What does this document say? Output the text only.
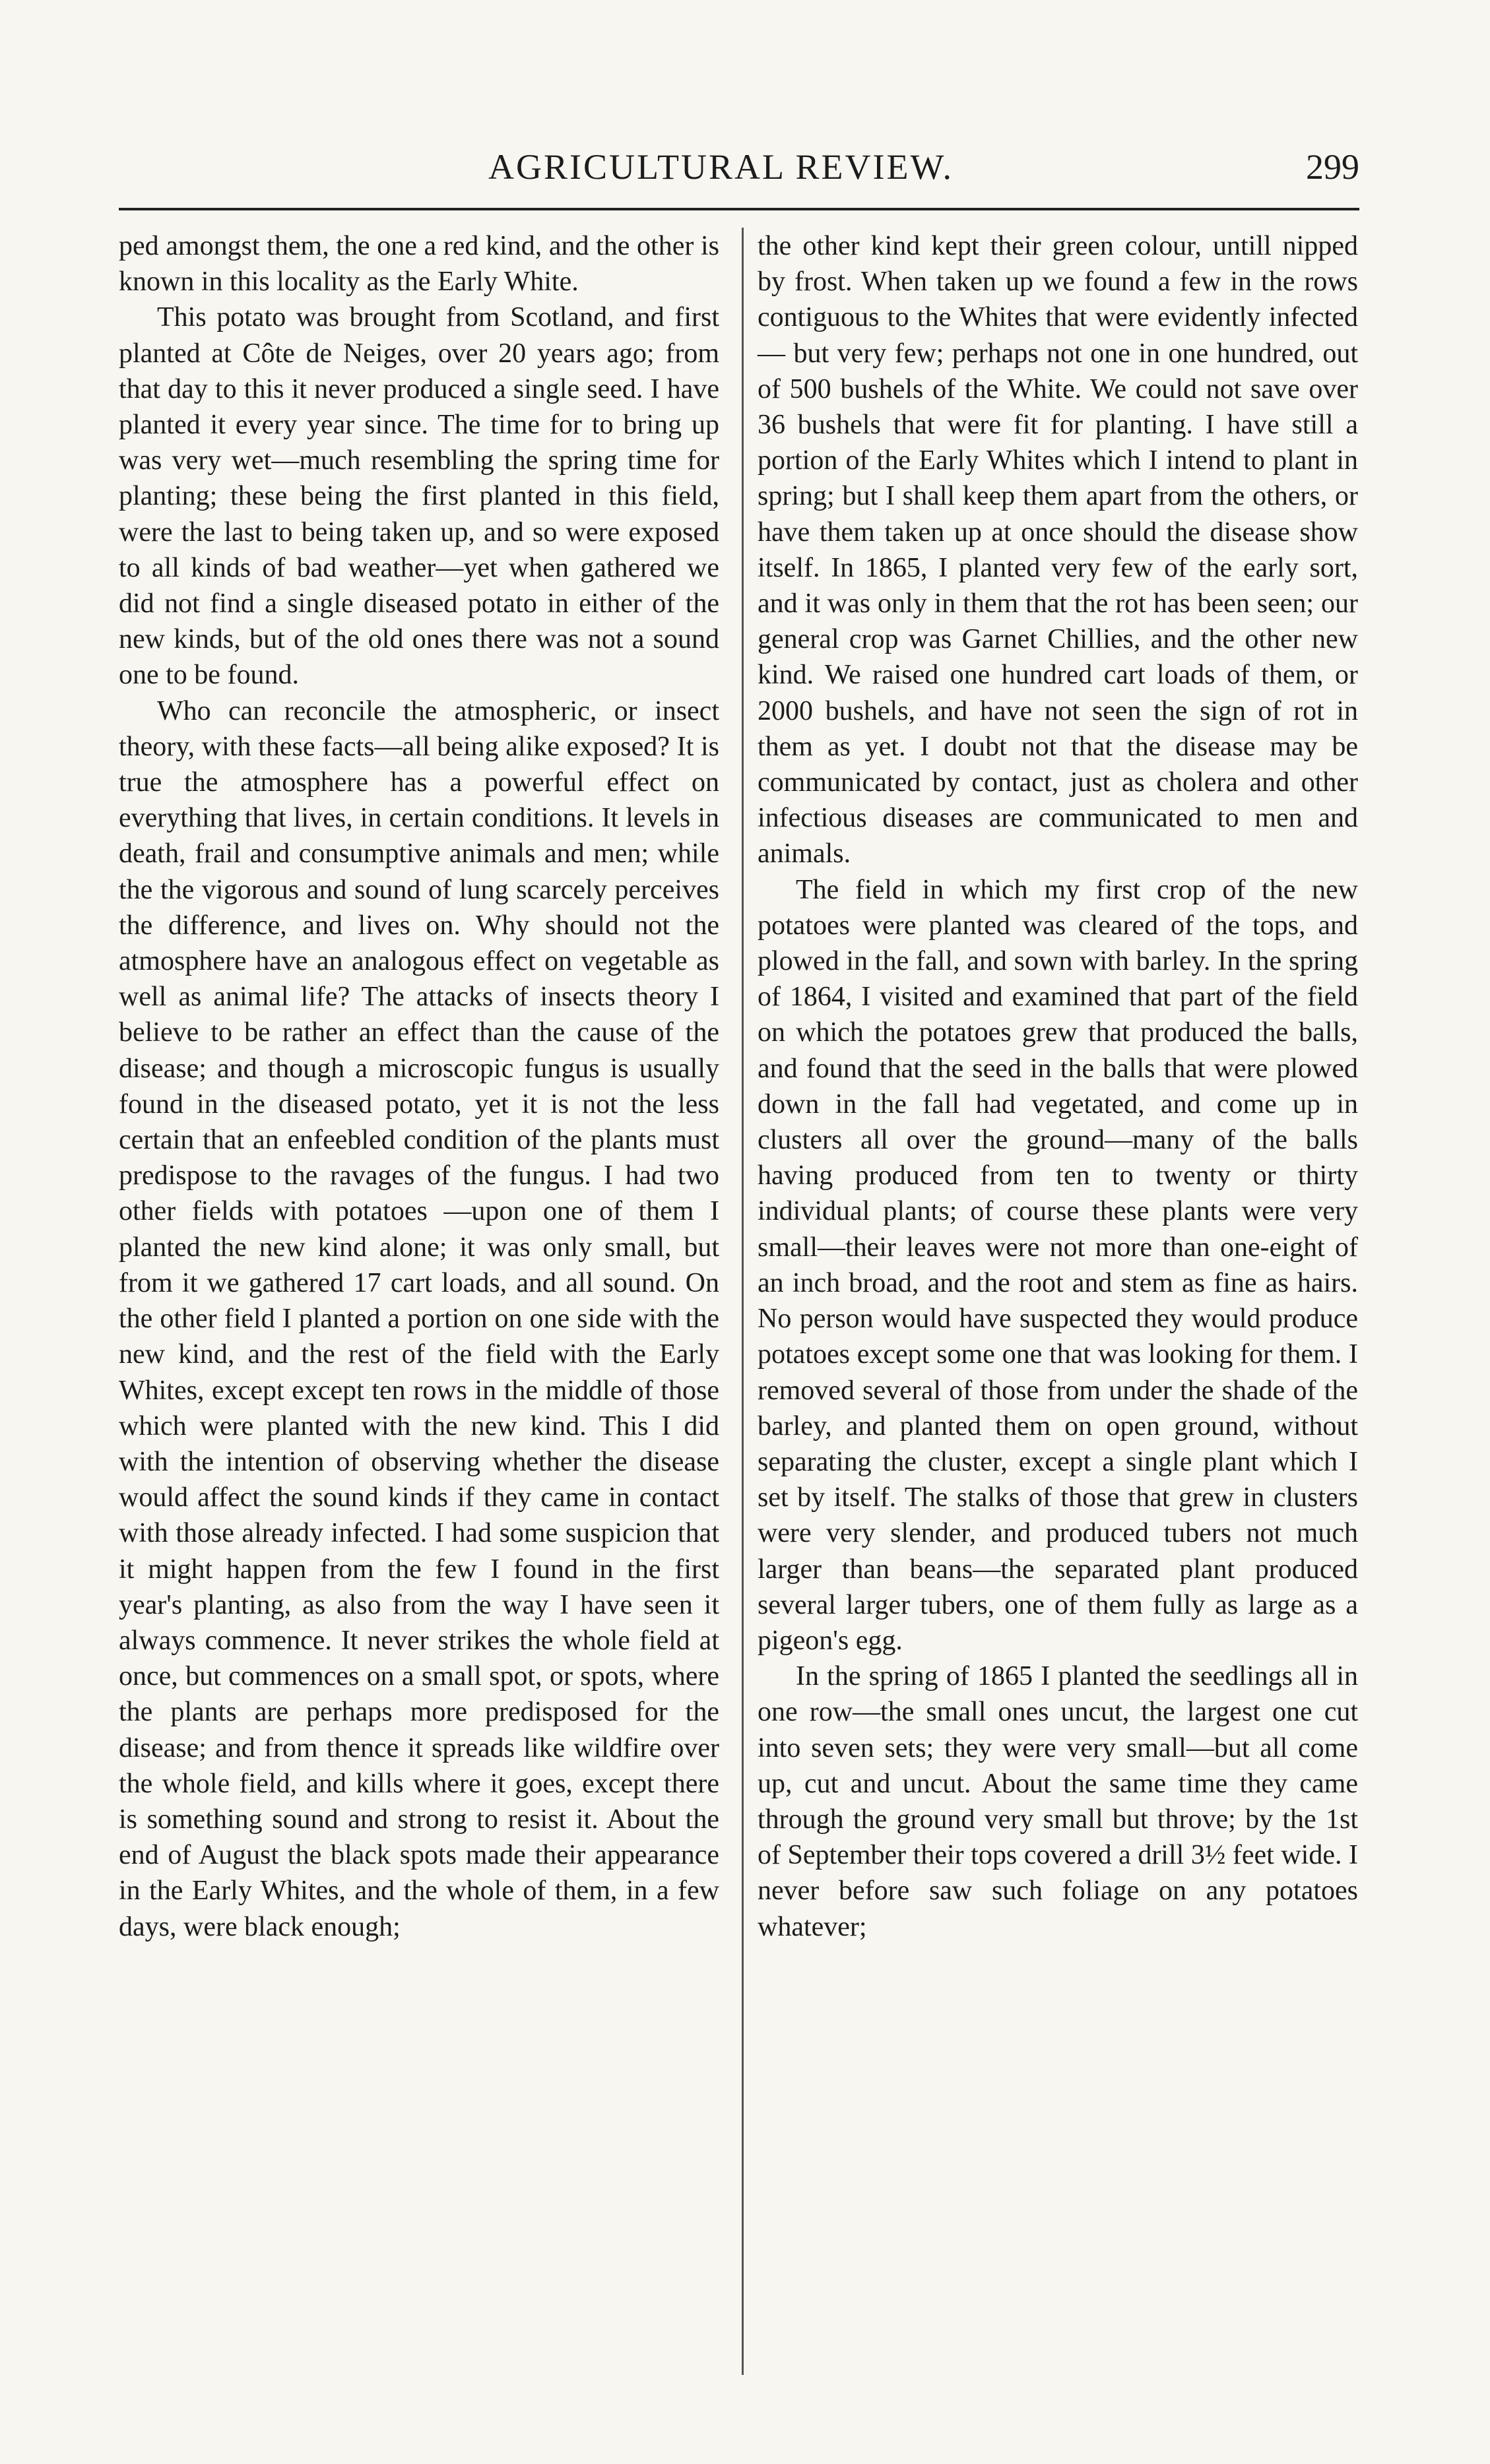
AGRICULTURAL REVIEW.	299

ped amongst them, the one a red kind, and the other is known in this locality as the Early White.

This potato was brought from Scotland, and first planted at Côte de Neiges, over 20 years ago; from that day to this it never produced a single seed. I have planted it every year since. The time for to bring up was very wet—much resembling the spring time for planting; these being the first planted in this field, were the last to being taken up, and so were exposed to all kinds of bad weather—yet when gathered we did not find a single diseased potato in either of the new kinds, but of the old ones there was not a sound one to be found.

Who can reconcile the atmospheric, or insect theory, with these facts—all being alike exposed? It is true the atmosphere has a powerful effect on everything that lives, in certain conditions. It levels in death, frail and consumptive animals and men; while the the vigorous and sound of lung scarcely perceives the difference, and lives on. Why should not the atmosphere have an analogous effect on vegetable as well as animal life? The attacks of insects theory I believe to be rather an effect than the cause of the disease; and though a microscopic fungus is usually found in the diseased potato, yet it is not the less certain that an enfeebled condition of the plants must predispose to the ravages of the fungus. I had two other fields with potatoes —upon one of them I planted the new kind alone; it was only small, but from it we gathered 17 cart loads, and all sound. On the other field I planted a portion on one side with the new kind, and the rest of the field with the Early Whites, except except ten rows in the middle of those which were planted with the new kind. This I did with the intention of observing whether the disease would affect the sound kinds if they came in contact with those already infected. I had some suspicion that it might happen from the few I found in the first year's planting, as also from the way I have seen it always commence. It never strikes the whole field at once, but commences on a small spot, or spots, where the plants are perhaps more predisposed for the disease; and from thence it spreads like wildfire over the whole field, and kills where it goes, except there is something sound and strong to resist it. About the end of August the black spots made their appearance in the Early Whites, and the whole of them, in a few days, were black enough;

the other kind kept their green colour, untill nipped by frost. When taken up we found a few in the rows contiguous to the Whites that were evidently infected— but very few; perhaps not one in one hundred, out of 500 bushels of the White. We could not save over 36 bushels that were fit for planting. I have still a portion of the Early Whites which I intend to plant in spring; but I shall keep them apart from the others, or have them taken up at once should the disease show itself. In 1865, I planted very few of the early sort, and it was only in them that the rot has been seen; our general crop was Garnet Chillies, and the other new kind. We raised one hundred cart loads of them, or 2000 bushels, and have not seen the sign of rot in them as yet. I doubt not that the disease may be communicated by contact, just as cholera and other infectious diseases are communicated to men and animals.

The field in which my first crop of the new potatoes were planted was cleared of the tops, and plowed in the fall, and sown with barley. In the spring of 1864, I visited and examined that part of the field on which the potatoes grew that produced the balls, and found that the seed in the balls that were plowed down in the fall had vegetated, and come up in clusters all over the ground—many of the balls having produced from ten to twenty or thirty individual plants; of course these plants were very small—their leaves were not more than one-eight of an inch broad, and the root and stem as fine as hairs. No person would have suspected they would produce potatoes except some one that was looking for them. I removed several of those from under the shade of the barley, and planted them on open ground, without separating the cluster, except a single plant which I set by itself. The stalks of those that grew in clusters were very slender, and produced tubers not much larger than beans—the separated plant produced several larger tubers, one of them fully as large as a pigeon's egg.

In the spring of 1865 I planted the seedlings all in one row—the small ones uncut, the largest one cut into seven sets; they were very small—but all come up, cut and uncut. About the same time they came through the ground very small but throve; by the 1st of September their tops covered a drill 3½ feet wide. I never before saw such foliage on any potatoes whatever;
